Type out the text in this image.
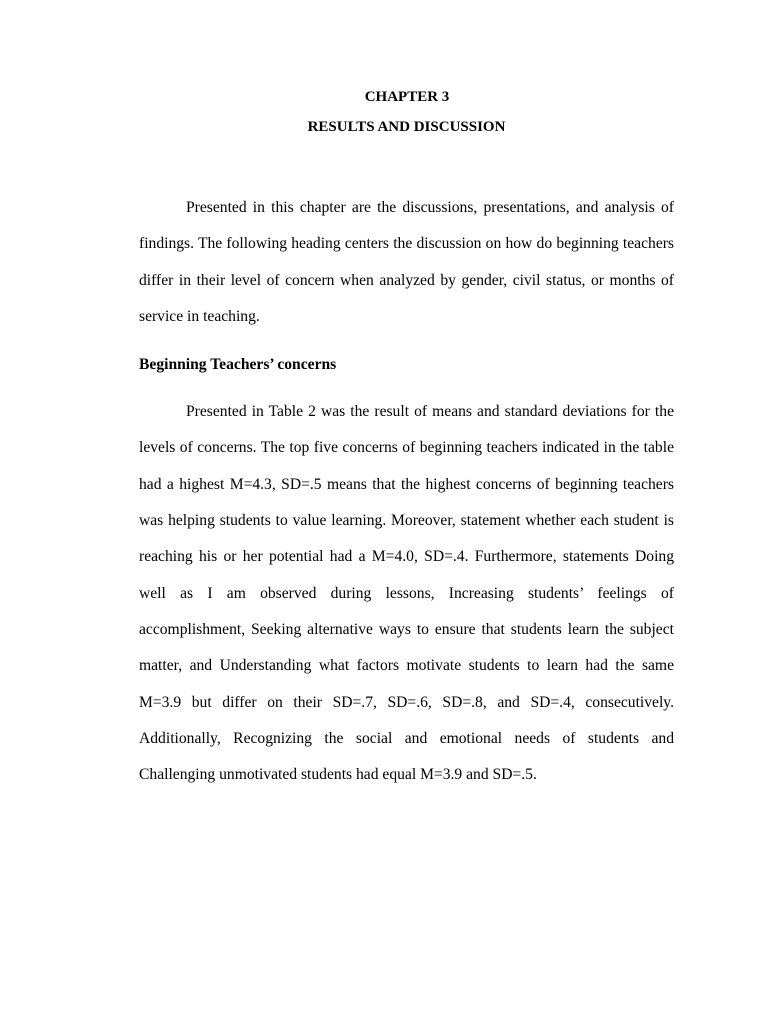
CHAPTER 3

RESULTS AND DISCUSSION

Presented in this chapter are the discussions, presentations, and analysis of findings. The following heading centers the discussion on how do beginning teachers differ in their level of concern when analyzed by gender, civil status, or months of service in teaching.

Beginning Teachers’ concerns

Presented in Table 2 was the result of means and standard deviations for the levels of concerns. The top five concerns of beginning teachers indicated in the table had a highest M=4.3, SD=.5 means that the highest concerns of beginning teachers was helping students to value learning. Moreover, statement whether each student is reaching his or her potential had a M=4.0, SD=.4. Furthermore, statements Doing well as I am observed during lessons, Increasing students’ feelings of accomplishment, Seeking alternative ways to ensure that students learn the subject matter, and Understanding what factors motivate students to learn had the same M=3.9 but differ on their SD=.7, SD=.6, SD=.8, and SD=.4, consecutively. Additionally, Recognizing the social and emotional needs of students and Challenging unmotivated students had equal M=3.9 and SD=.5.
